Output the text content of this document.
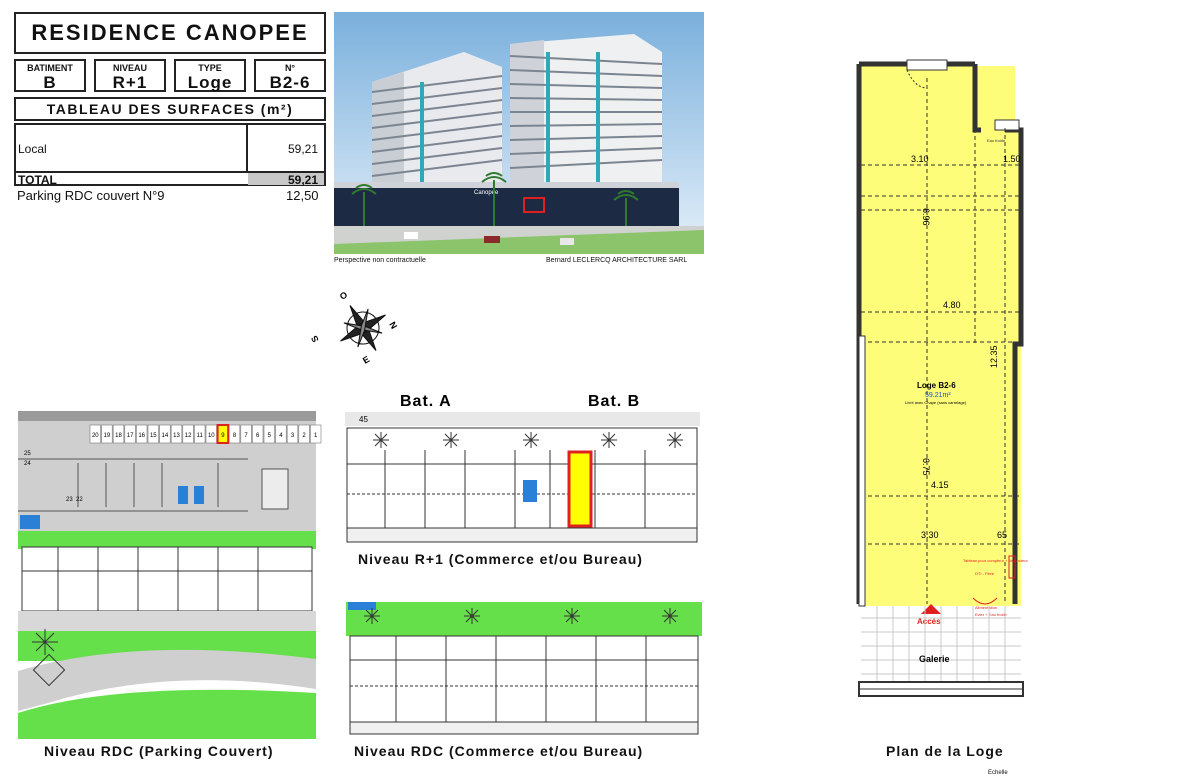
RESIDENCE CANOPEE
BATIMENT
B
NIVEAU
R+1
TYPE
Loge
N°
B2-6
TABLEAU DES SURFACES (m²)
Local	59,21
TOTAL	59,21
Parking RDC couvert N°9	12,50	Canopée
Perspective non contractuelle	Bernard LECLERCQ ARCHITECTURE SARL
O
N
S
E
20 19 18 17 16 15 14 13 12 11 10 9 8 7 6 5 4 3 2 1
25
24
23 22
Bat. A	Bat. B
45
Niveau RDC (Parking Couvert)
Niveau R+1 (Commerce et/ou Bureau)
Niveau RDC (Commerce et/ou Bureau)	Plan de la Loge
Echelle
3.10	1.50
6.96
4.80
12.35
6.75
4.15
3.30	65
Loge B2-6
59.21m²
Livré avec Chape (sans carrelage)
Tableau pour compteur + disjoncteur
DTI - Fibre
Alimentation
Evier + Eau froide
Eau froide
Accès
Galerie
